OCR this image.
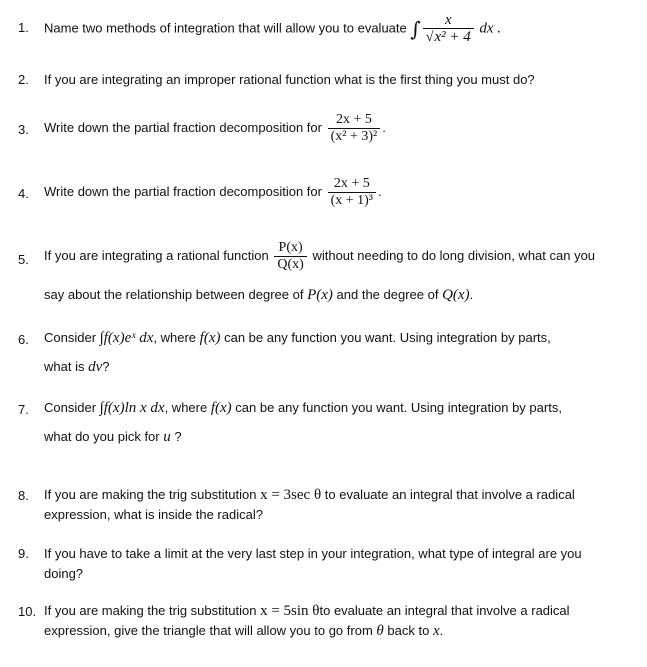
1. Name two methods of integration that will allow you to evaluate ∫ $\frac{x}{\text{√x² + 4}}$ dx .
2. If you are integrating an improper rational function what is the first thing you must do?
3. Write down the partial fraction decomposition for $\frac{2x + 5}{\text{(x² + 3)²}}$ .
4. Write down the partial fraction decomposition for $\frac{2x + 5}{\text{(x + 1)³}}$ .
5. If you are integrating a rational function $\frac{P(x)}{Q(x)}$ without needing to do long division, what can you
say about the relationship between degree of P(x) and the degree of Q(x).
6. Consider ∫f(x)eˣ dx, where f(x) can be any function you want. Using integration by parts,
what is dv?
7. Consider ∫f(x)ln x dx, where f(x) can be any function you want. Using integration by parts,
what do you pick for u ?
8. If you are making the trig substitution x = 3sec θ to evaluate an integral that involve a radical
expression, what is inside the radical?
9. If you have to take a limit at the very last step in your integration, what type of integral are you
doing?
10. If you are making the trig substitution x = 5sin θto evaluate an integral that involve a radical
expression, give the triangle that will allow you to go from θ back to x.
